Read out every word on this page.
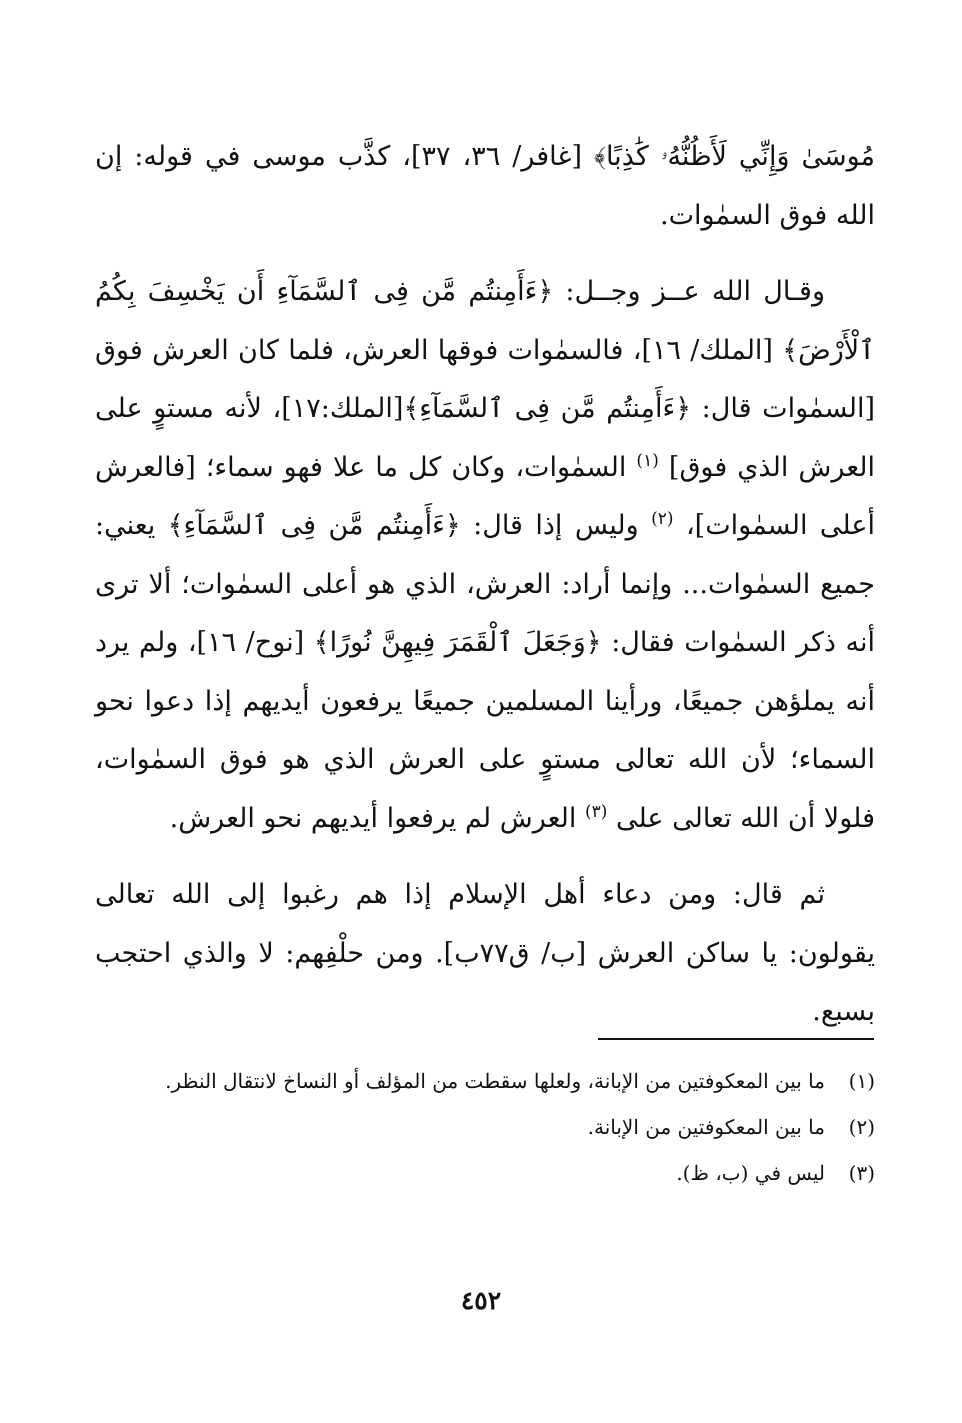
مُوسَىٰ وَإِنِّي لَأَظُنُّهُۥ كَٰذِبًا﴾ [غافر/ ٣٦، ٣٧]، كذَّب موسى في قوله: إن الله فوق السمٰوات.

وقـال الله عــز وجــل: ﴿ءَأَمِنتُم مَّن فِى ٱلسَّمَآءِ أَن يَخْسِفَ بِكُمُ ٱلْأَرْضَ﴾ [الملك/ ١٦]، فالسمٰوات فوقها العرش، فلما كان العرش فوق [السمٰوات قال: ﴿ءَأَمِنتُم مَّن فِى ٱلسَّمَآءِ﴾[الملك:١٧]، لأنه مستوٍ على العرش الذي فوق] $^{(١)}$ السمٰوات، وكان كل ما علا فهو سماء؛ [فالعرش أعلى السمٰوات]، $^{(٢)}$ وليس إذا قال: ﴿ءَأَمِنتُم مَّن فِى ٱلسَّمَآءِ﴾ يعني: جميع السمٰوات... وإنما أراد: العرش، الذي هو أعلى السمٰوات؛ ألا ترى أنه ذكر السمٰوات فقال: ﴿وَجَعَلَ ٱلْقَمَرَ فِيهِنَّ نُورًا﴾ [نوح/ ١٦]، ولم يرد أنه يملؤهن جميعًا، ورأينا المسلمين جميعًا يرفعون أيديهم إذا دعوا نحو السماء؛ لأن الله تعالى مستوٍ على العرش الذي هو فوق السمٰوات، فلولا أن الله تعالى على $^{(٣)}$ العرش لم يرفعوا أيديهم نحو العرش.

ثم قال: ومن دعاء أهل الإسلام إذا هم رغبوا إلى الله تعالى يقولون: يا ساكن العرش [ب/ ق٧٧ب]. ومن حلْفِهم: لا والذي احتجب بسبع.

(١)
ما بين المعكوفتين من الإبانة، ولعلها سقطت من المؤلف أو النساخ لانتقال النظر.
(٢)
ما بين المعكوفتين من الإبانة.
(٣)
ليس في (ب، ظ).
٤٥٢
